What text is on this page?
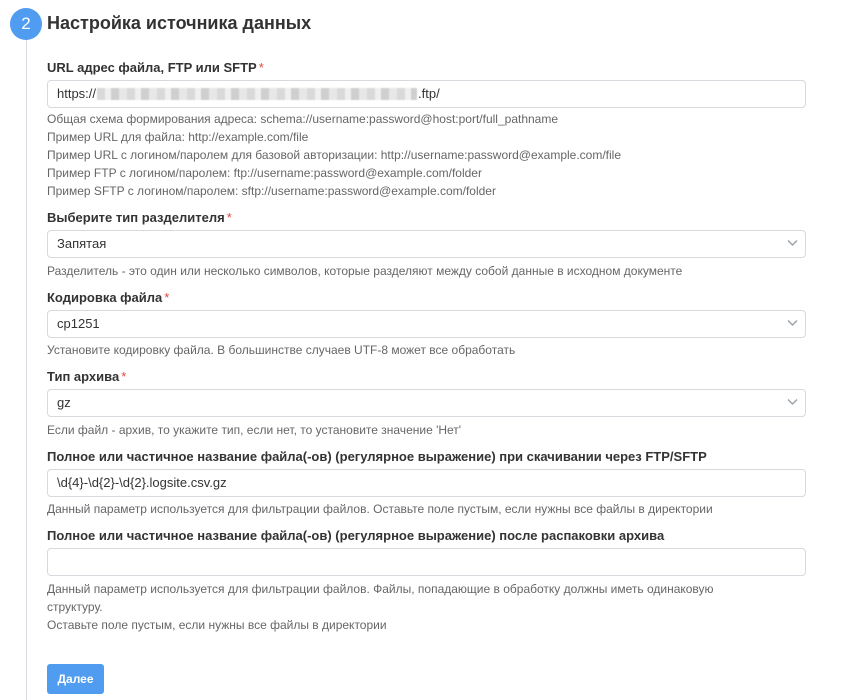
2 Настройка источника данных
URL адрес файла, FTP или SFTP *
https://	.ftp/
Общая схема формирования адреса: schema://username:password@host:port/full_pathname
Пример URL для файла: http://example.com/file
Пример URL с логином/паролем для базовой авторизации: http://username:password@example.com/file
Пример FTP с логином/паролем: ftp://username:password@example.com/folder
Пример SFTP с логином/паролем: sftp://username:password@example.com/folder
Выберите тип разделителя *
Запятая
Разделитель - это один или несколько символов, которые разделяют между собой данные в исходном документе
Кодировка файла *
cp1251
Установите кодировку файла. В большинстве случаев UTF-8 может все обработать
Тип архива *
gz
Если файл - архив, то укажите тип, если нет, то установите значение 'Нет'
Полное или частичное название файла(-ов) (регулярное выражение) при скачивании через FTP/SFTP
\d{4}-\d{2}-\d{2}.logsite.csv.gz
Данный параметр используется для фильтрации файлов. Оставьте поле пустым, если нужны все файлы в директории
Полное или частичное название файла(-ов) (регулярное выражение) после распаковки архива
Данный параметр используется для фильтрации файлов. Файлы, попадающие в обработку должны иметь одинаковую
структуру.
Оставьте поле пустым, если нужны все файлы в директории
Далее
